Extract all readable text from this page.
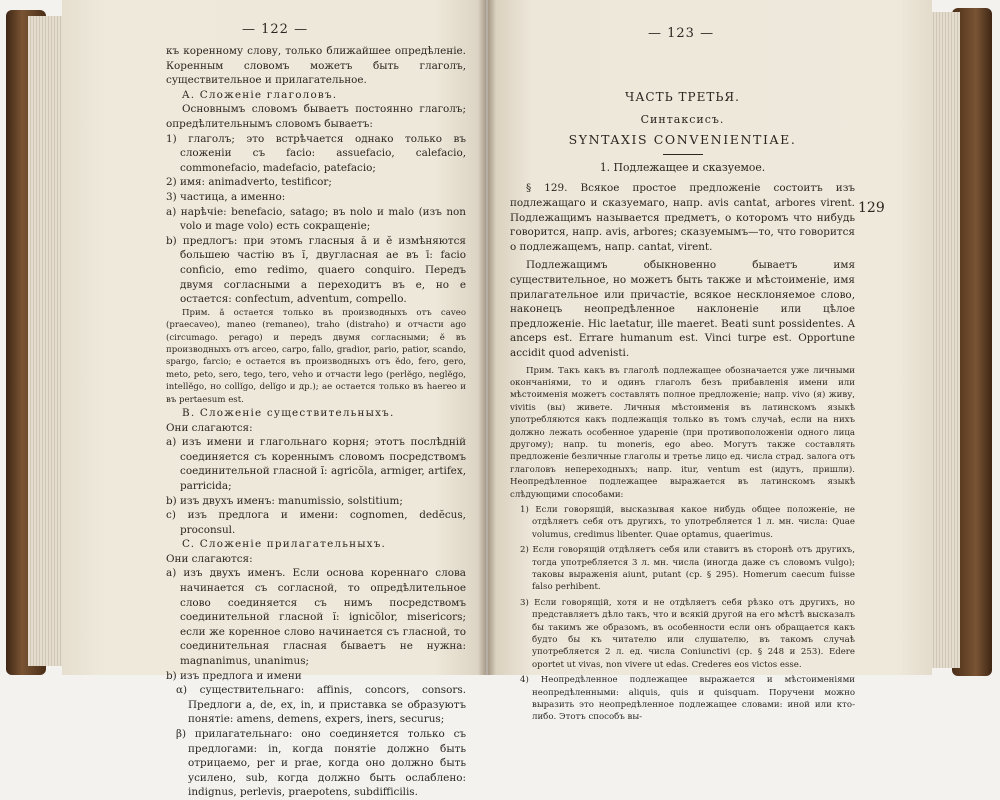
— 122 —

къ коренному слову, только ближайшее опредѣленіе. Коренным словомъ можетъ быть глаголъ, существительное и прилагательное.

A. Сложеніе глаголовъ.

Основнымъ словомъ бываетъ постоянно глаголъ; опредѣлительнымъ словомъ бываетъ:

1) глаголъ; это встрѣчается однако только въ сложеніи съ facio: assuefacio, calefacio, commonefacio, madefacio, patefacio;

2) имя: animadverto, testificor;

3) частица, а именно:

a) нарѣчіе: benefacio, satago; въ nolo и malo (изъ non volo и mage volo) есть сокращеніе;

b) предлогъ: при этомъ гласныя ă и ĕ измѣняются большею частію въ ĭ, двугласная ae въ ī: facio conficio, emo redimo, quaero conquiro. Передъ двумя согласными a переходитъ въ e, но e остается: confectum, adventum, compello.

Прим. ă остается только въ производныхъ отъ caveo (praecaveo), maneo (remaneo), traho (distraho) и отчасти ago (circumago. perago) и передъ двумя согласными; ĕ въ производныхъ отъ arceo, carpo, fallo, gradior, pario, patior, scando, spargo, farcio; e остается въ производныхъ отъ ĕdo, fero, gero, meto, peto, sero, tego, tero, veho и отчасти lego (perlĕgo, neglĕgo, intellĕgo, но collĭgo, delĭgo и др.); ae остается только въ haereo и въ pertaesum est.

B. Сложеніе существительныхъ.

Они слагаются:

a) изъ имени и глагольнаго корня; этотъ послѣдній соединяется съ кореннымъ словомъ посредствомъ соединительной гласной ĭ: agricŏla, armiger, artifex, parricida;

b) изъ двухъ именъ: manumissio, solstitium;

c) изъ предлога и имени: cognomen, dedĕcus, proconsul.

C. Сложеніе прилагательныхъ.

Они слагаются:

a) изъ двухъ именъ. Если основа кореннаго слова начинается съ согласной, то опредѣлительное слово соединяется съ нимъ посредствомъ соединительной гласной ĭ: ignicŏlor, misericors; если же коренное слово начинается съ гласной, то соединительная гласная бываетъ не нужна: magnanimus, unanimus;

b) изъ предлога и имени

α) существительнаго: affinis, concors, consors. Предлоги a, de, ex, in, и приставка se образуютъ понятіе: amens, demens, expers, iners, securus;

β) прилагательнаго: оно соединяется только съ предлогами: in, когда понятіе должно быть отрицаемо, per и prae, когда оно должно быть усилено, sub, когда должно быть ослаблено: indignus, perlevis, praepotens, subdifficilis.

— 123 —

ЧАСТЬ ТРЕТЬЯ.

Синтаксисъ.

SYNTAXIS CONVENIENTIAE.

1. Подлежащее и сказуемое.

§ 129. Всякое простое предложеніе состоитъ изъ подлежащаго и сказуемаго, напр. avis cantat, arbores virent. Подлежащимъ называется предметъ, о которомъ что нибудь говорится, напр. avis, arbores; сказуемымъ—то, что говорится о подлежащемъ, напр. cantat, virent.

Подлежащимъ обыкновенно бываетъ имя существительное, но можетъ быть также и мѣстоименіе, имя прилагательное или причастіе, всякое несклоняемое слово, наконецъ неопредѣленное наклоненіе или цѣлое предложеніе. Hic laetatur, ille maeret. Beati sunt possidentes. A anceps est. Errare humanum est. Vinci turpe est. Opportune accidit quod advenisti.

Прим. Такъ какъ въ глаголѣ подлежащее обозначается уже личными окончаніями, то и одинъ глаголъ безъ прибавленія имени или мѣстоименія можетъ составлять полное предложеніе; напр. vivo (я) живу, vivitis (вы) живете. Личныя мѣстоименія въ латинскомъ языкѣ употребляются какъ подлежащія только въ томъ случаѣ, если на нихъ должно лежать особенное удареніе (при противоположеніи одного лица другому); напр. tu moneris, ego abeo. Могутъ также составлять предложеніе безличные глаголы и третье лицо ед. числа страд. залога отъ глаголовъ непереходныхъ; напр. itur, ventum est (идутъ, пришли). Неопредѣленное подлежащее выражается въ латинскомъ языкѣ слѣдующими способами:

1) Если говорящій, высказывая какое нибудь общее положеніе, не отдѣляетъ себя отъ другихъ, то употребляется 1 л. мн. числа: Quae volumus, credimus libenter. Quae optamus, quaerimus.

2) Если говорящій отдѣляетъ себя или ставитъ въ сторонѣ отъ другихъ, тогда употребляется 3 л. мн. числа (иногда даже съ словомъ vulgo); таковы выраженія aiunt, putant (ср. § 295). Homerum caecum fuisse falso perhibent.

3) Если говорящій, хотя и не отдѣляетъ себя рѣзко отъ другихъ, но представляетъ дѣло такъ, что и всякій другой на его мѣстѣ высказалъ бы такимъ же образомъ, въ особенности если онъ обращается какъ будто бы къ читателю или слушателю, въ такомъ случаѣ употребляется 2 л. ед. числа Coniunctivi (ср. § 248 и 253). Edere oportet ut vivas, non vivere ut edas. Crederes eos victos esse.

4) Неопредѣленное подлежащее выражается и мѣстоименіями неопредѣленными: aliquis, quis и quisquam. Поручени можно выразить это неопредѣленное подлежащее словами: иной или кто-либо. Этотъ способъ вы-

129
